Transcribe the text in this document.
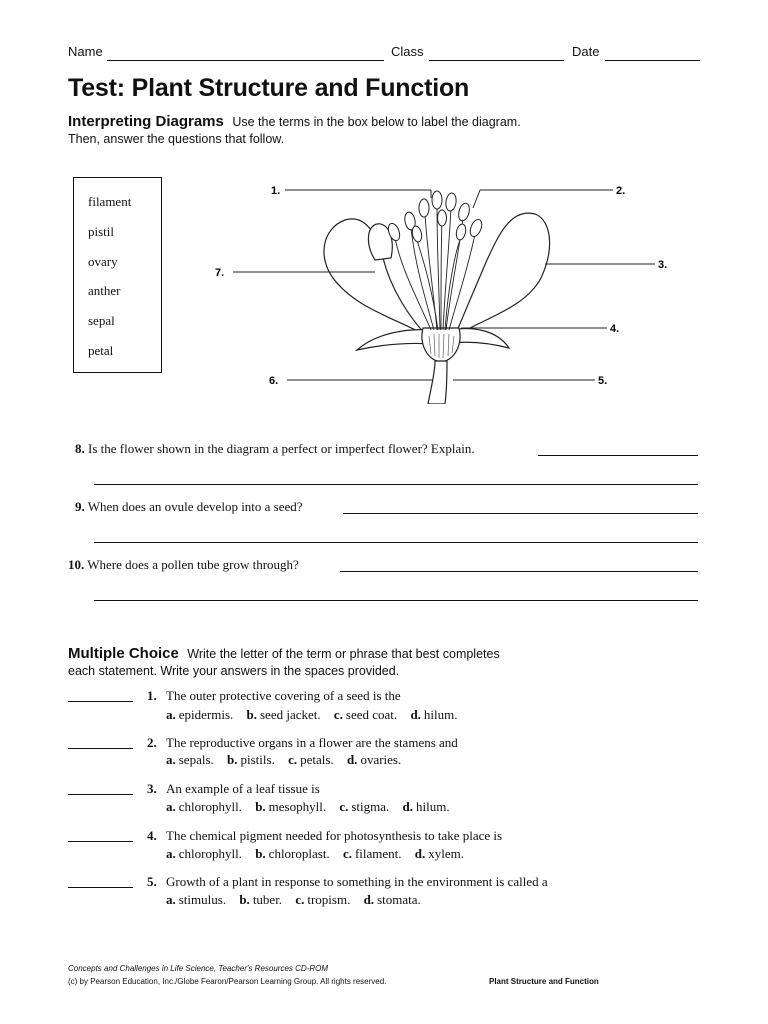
Name	Class	Date
Test: Plant Structure and Function
Interpreting Diagrams Use the terms in the box below to label the diagram.
Then, answer the questions that follow.
filament
pistil
ovary
anther
sepal
petal
1.	2.
3.
4.
5.
6.
7.
8. Is the flower shown in the diagram a perfect or imperfect flower? Explain.
9. When does an ovule develop into a seed?
10. Where does a pollen tube grow through?
Multiple Choice Write the letter of the term or phrase that best completes
each statement. Write your answers in the spaces provided.
1. The outer protective covering of a seed is the
a. epidermis. b. seed jacket. c. seed coat. d. hilum.
2. The reproductive organs in a flower are the stamens and
a. sepals. b. pistils. c. petals. d. ovaries.
3. An example of a leaf tissue is
a. chlorophyll. b. mesophyll. c. stigma. d. hilum.
4. The chemical pigment needed for photosynthesis to take place is
a. chlorophyll. b. chloroplast. c. filament. d. xylem.
5. Growth of a plant in response to something in the environment is called a
a. stimulus. b. tuber. c. tropism. d. stomata.
Concepts and Challenges in Life Science, Teacher's Resources CD-ROM
(c) by Pearson Education, Inc./Globe Fearon/Pearson Learning Group. All rights reserved.	Plant Structure and Function
